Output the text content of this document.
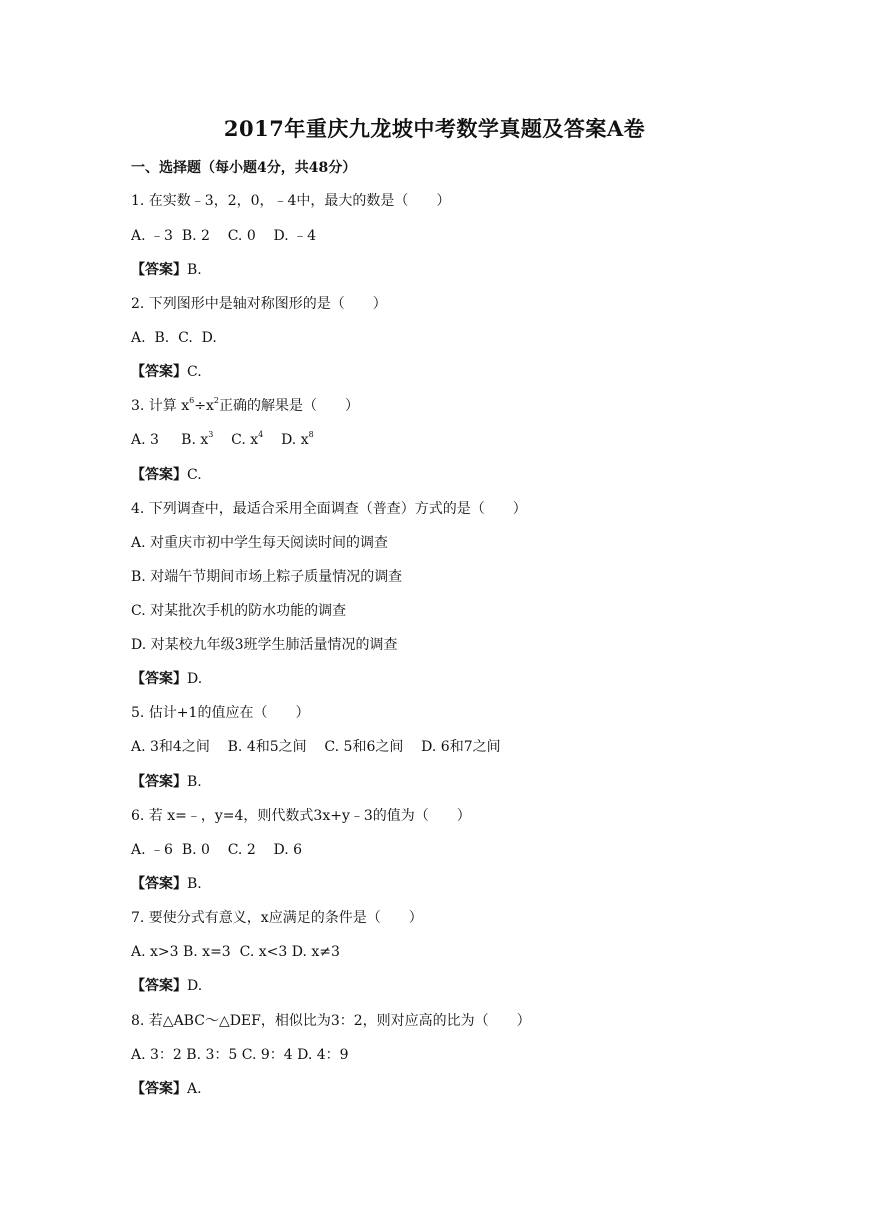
2017年重庆九龙坡中考数学真题及答案A卷
一、选择题（每小题4分，共48分）
1. 在实数﹣3，2，0，﹣4中，最大的数是（　　）
A. ﹣3  B. 2    C. 0    D. ﹣4
【答案】B.
2. 下列图形中是轴对称图形的是（　　）
A.  B.  C.  D.
【答案】C.
3. 计算 $x^6\div x^2$正确的解果是（　　）
A. 3     B. $x^3$    C. $x^4$    D. $x^8$
【答案】C.
4. 下列调查中，最适合采用全面调查（普查）方式的是（　　）
A. 对重庆市初中学生每天阅读时间的调查
B. 对端午节期间市场上粽子质量情况的调查
C. 对某批次手机的防水功能的调查
D. 对某校九年级3班学生肺活量情况的调查
【答案】D.
5. 估计+1的值应在（　　）
A. 3和4之间    B. 4和5之间    C. 5和6之间    D. 6和7之间
【答案】B.
6. 若 x=﹣，y=4，则代数式3x+y﹣3的值为（　　）
A. ﹣6  B. 0    C. 2    D. 6
【答案】B.
7. 要使分式有意义，x应满足的条件是（　　）
A. x>3 B. x=3  C. x<3 D. x≠3
【答案】D.
8. 若△ABC～△DEF，相似比为3：2，则对应高的比为（　　）
A. 3：2 B. 3：5 C. 9：4 D. 4：9
【答案】A.
